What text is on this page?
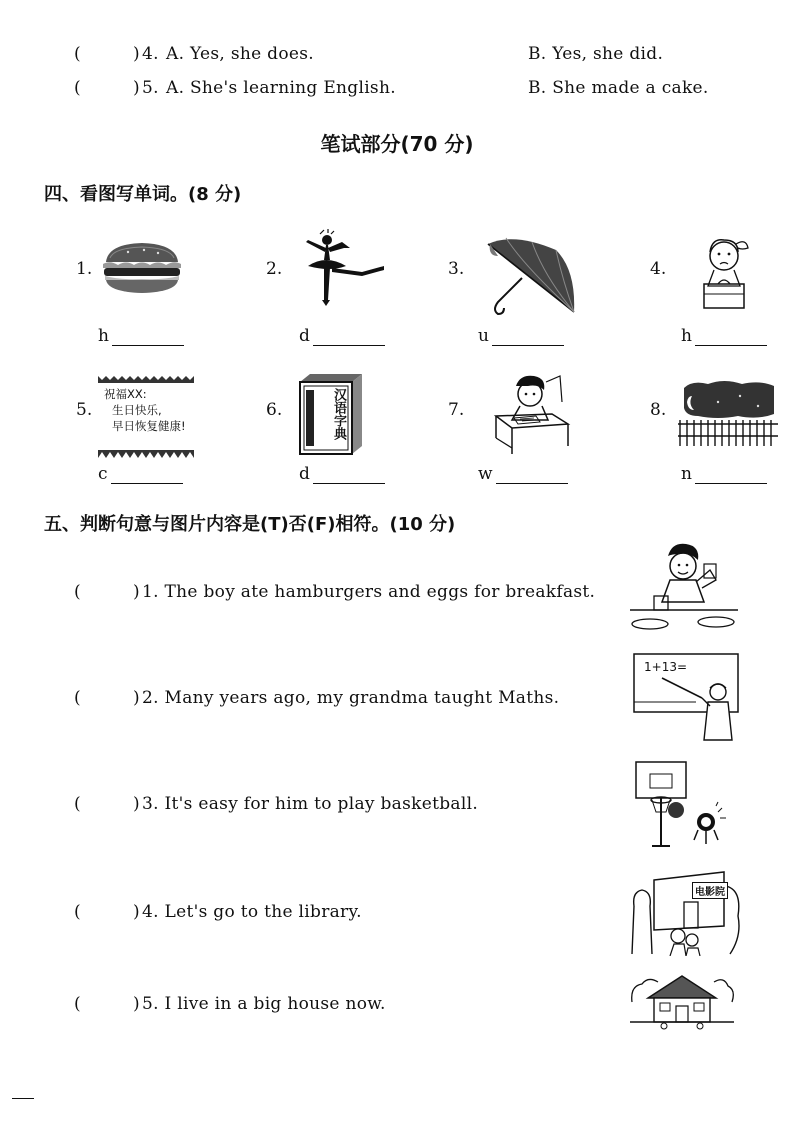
(	) 4. A. Yes, she does.	B. Yes, she did.
(	) 5. A. She's learning English.	B. She made a cake.
笔试部分(70 分)
四、看图写单词。(8 分)
1.	2.	3.	4.
h	d	u	h
5.	6.	7.	8.
祝福XX:
生日快乐,
早日恢复健康!	汉语字典
c	d	w	n
五、判断句意与图片内容是(T)否(F)相符。(10 分)
(	) 1. The boy ate hamburgers and eggs for breakfast.
(	) 2. Many years ago, my grandma taught Maths.
1+13=
(	) 3. It's easy for him to play basketball.
(	) 4. Let's go to the library.
电影院
(	) 5. I live in a big house now.
